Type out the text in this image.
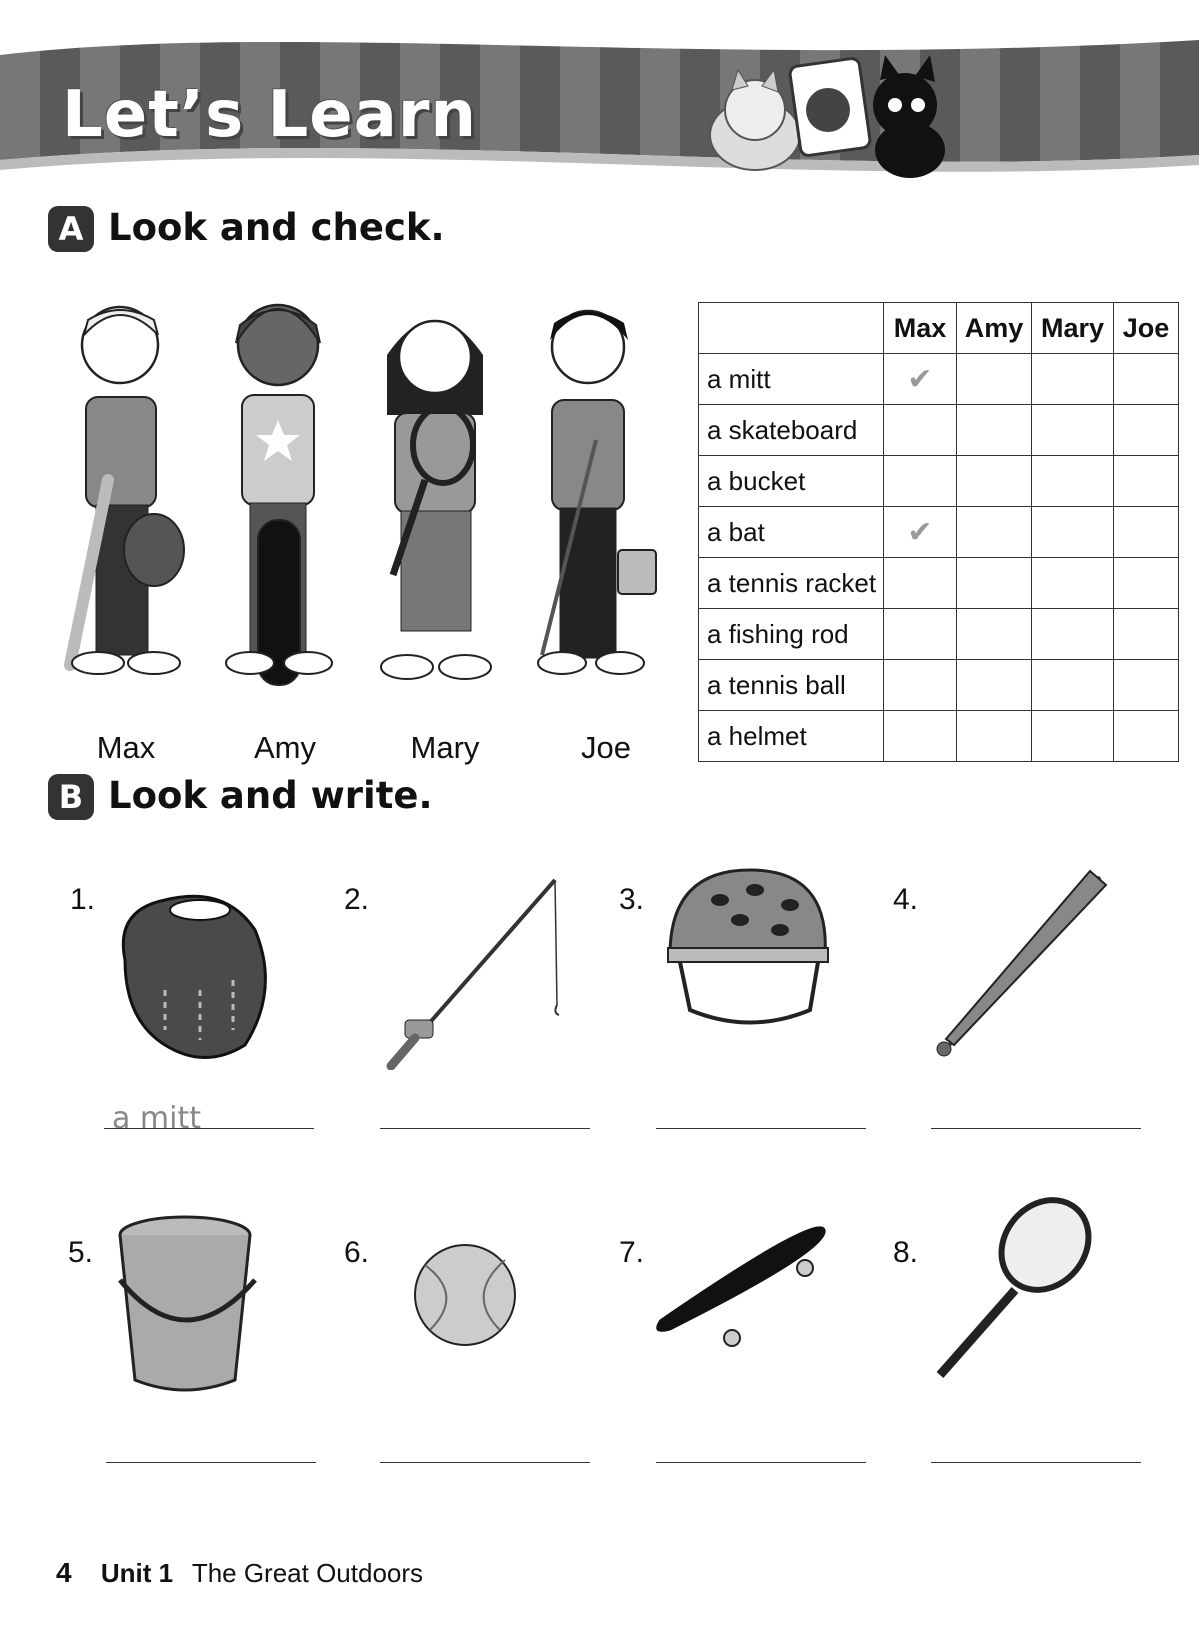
Let’s Learn
A Look and check.
Max	Amy	Mary	Joe
	Max	Amy	Mary	Joe
a mitt	✔			
a skateboard				
a bucket				
a bat	✔			
a tennis racket				
a fishing rod				
a tennis ball				
a helmet				
B Look and write.
1.	2.	3.	4.
5.	6.	7.	8.
a mitt
4 Unit 1 The Great Outdoors
